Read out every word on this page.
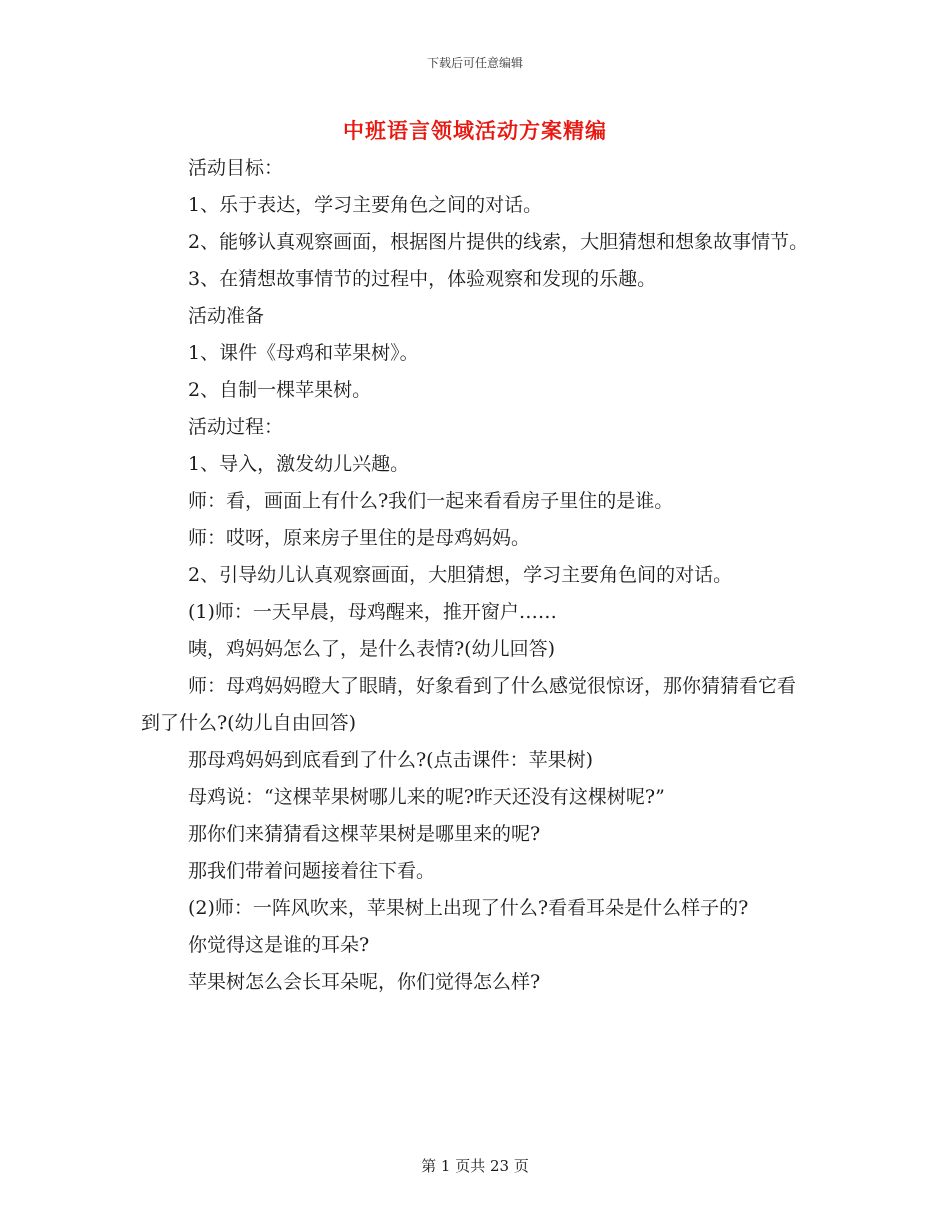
下载后可任意编辑
中班语言领域活动方案精编

活动目标：

1、乐于表达，学习主要角色之间的对话。

2、能够认真观察画面，根据图片提供的线索，大胆猜想和想象故事情节。

3、在猜想故事情节的过程中，体验观察和发现的乐趣。

活动准备

1、课件《母鸡和苹果树》。

2、自制一棵苹果树。

活动过程：

1、导入，激发幼儿兴趣。

师：看，画面上有什么?我们一起来看看房子里住的是谁。

师：哎呀，原来房子里住的是母鸡妈妈。

2、引导幼儿认真观察画面，大胆猜想，学习主要角色间的对话。

(1)师：一天早晨，母鸡醒来，推开窗户……

咦，鸡妈妈怎么了，是什么表情?(幼儿回答)

师：母鸡妈妈瞪大了眼睛，好象看到了什么感觉很惊讶，那你猜猜看它看到了什么?(幼儿自由回答)

那母鸡妈妈到底看到了什么?(点击课件：苹果树)

母鸡说：“这棵苹果树哪儿来的呢?昨天还没有这棵树呢?”

那你们来猜猜看这棵苹果树是哪里来的呢?

那我们带着问题接着往下看。

(2)师：一阵风吹来，苹果树上出现了什么?看看耳朵是什么样子的?

你觉得这是谁的耳朵?

苹果树怎么会长耳朵呢，你们觉得怎么样?

第 1 页共 23 页
